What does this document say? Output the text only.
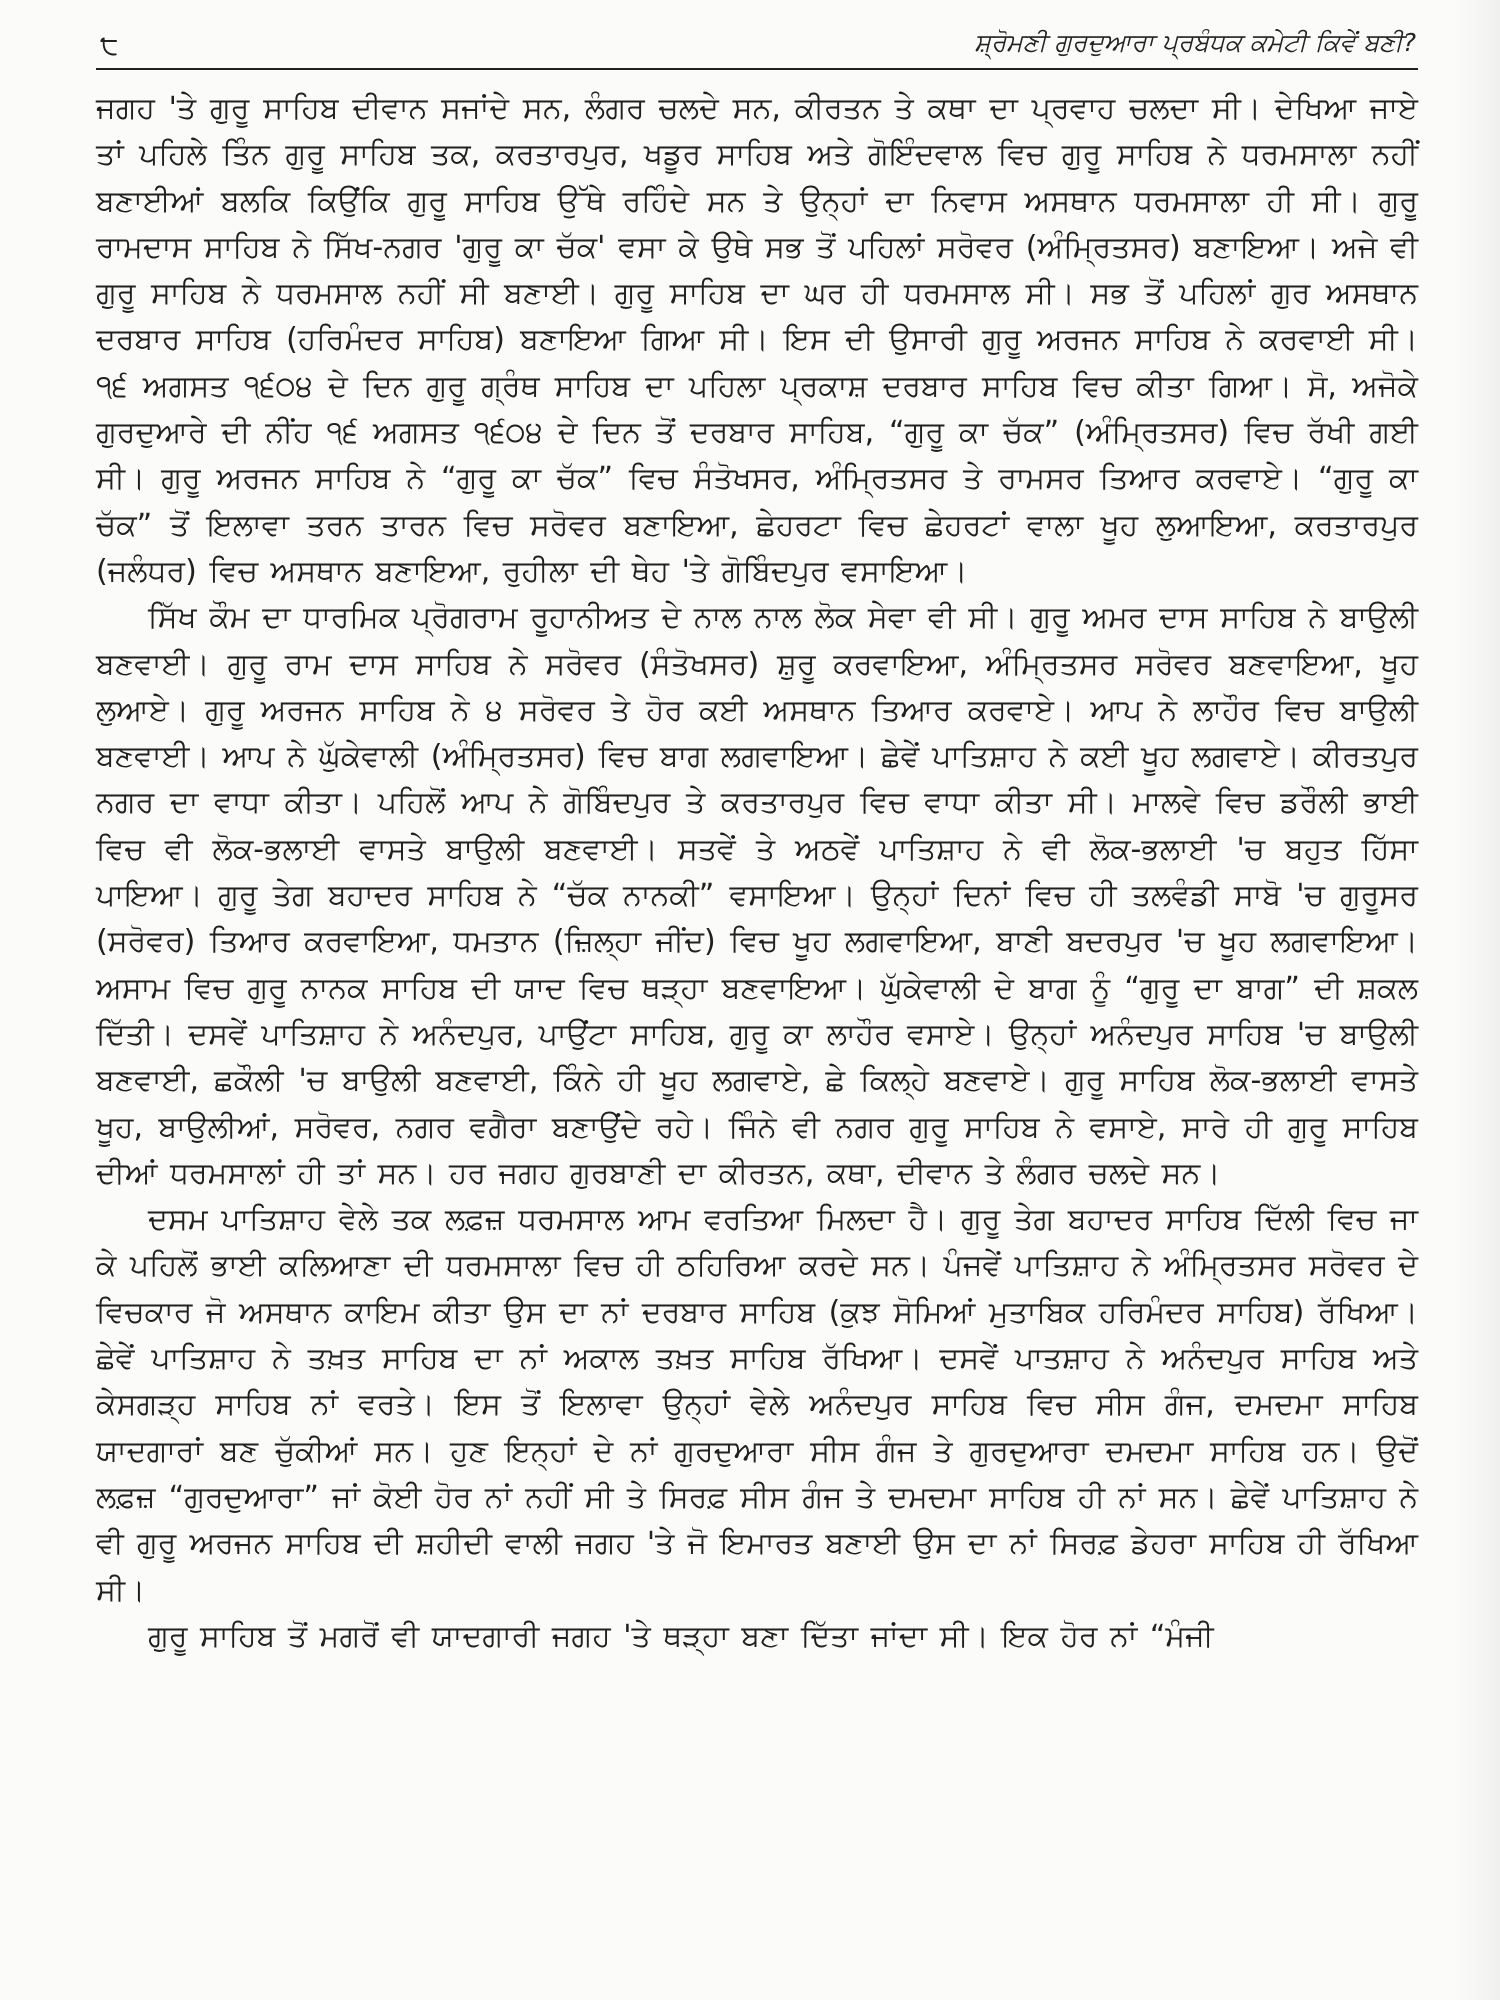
੮	ਸ਼੍ਰੋਮਣੀ ਗੁਰਦੁਆਰਾ ਪ੍ਰਬੰਧਕ ਕਮੇਟੀ ਕਿਵੇਂ ਬਣੀ?

ਜਗਹ 'ਤੇ ਗੁਰੂ ਸਾਹਿਬ ਦੀਵਾਨ ਸਜਾਂਦੇ ਸਨ, ਲੰਗਰ ਚਲਦੇ ਸਨ, ਕੀਰਤਨ ਤੇ ਕਥਾ ਦਾ ਪ੍ਰਵਾਹ ਚਲਦਾ ਸੀ। ਦੇਖਿਆ ਜਾਏ ਤਾਂ ਪਹਿਲੇ ਤਿੰਨ ਗੁਰੂ ਸਾਹਿਬ ਤਕ, ਕਰਤਾਰਪੁਰ, ਖਡੂਰ ਸਾਹਿਬ ਅਤੇ ਗੋਇੰਦਵਾਲ ਵਿਚ ਗੁਰੂ ਸਾਹਿਬ ਨੇ ਧਰਮਸਾਲਾ ਨਹੀਂ ਬਣਾਈਆਂ ਬਲਕਿ ਕਿਉਂਕਿ ਗੁਰੂ ਸਾਹਿਬ ਉੱਥੇ ਰਹਿੰਦੇ ਸਨ ਤੇ ਉਨ੍ਹਾਂ ਦਾ ਨਿਵਾਸ ਅਸਥਾਨ ਧਰਮਸਾਲਾ ਹੀ ਸੀ। ਗੁਰੂ ਰਾਮਦਾਸ ਸਾਹਿਬ ਨੇ ਸਿੱਖ-ਨਗਰ 'ਗੁਰੂ ਕਾ ਚੱਕ' ਵਸਾ ਕੇ ਉਥੇ ਸਭ ਤੋਂ ਪਹਿਲਾਂ ਸਰੋਵਰ (ਅੰਮ੍ਰਿਤਸਰ) ਬਣਾਇਆ। ਅਜੇ ਵੀ ਗੁਰੂ ਸਾਹਿਬ ਨੇ ਧਰਮਸਾਲ ਨਹੀਂ ਸੀ ਬਣਾਈ। ਗੁਰੂ ਸਾਹਿਬ ਦਾ ਘਰ ਹੀ ਧਰਮਸਾਲ ਸੀ। ਸਭ ਤੋਂ ਪਹਿਲਾਂ ਗੁਰ ਅਸਥਾਨ ਦਰਬਾਰ ਸਾਹਿਬ (ਹਰਿਮੰਦਰ ਸਾਹਿਬ) ਬਣਾਇਆ ਗਿਆ ਸੀ। ਇਸ ਦੀ ਉਸਾਰੀ ਗੁਰੂ ਅਰਜਨ ਸਾਹਿਬ ਨੇ ਕਰਵਾਈ ਸੀ। ੧੬ ਅਗਸਤ ੧੬੦੪ ਦੇ ਦਿਨ ਗੁਰੂ ਗ੍ਰੰਥ ਸਾਹਿਬ ਦਾ ਪਹਿਲਾ ਪ੍ਰਕਾਸ਼ ਦਰਬਾਰ ਸਾਹਿਬ ਵਿਚ ਕੀਤਾ ਗਿਆ। ਸੋ, ਅਜੋਕੇ ਗੁਰਦੁਆਰੇ ਦੀ ਨੀਂਹ ੧੬ ਅਗਸਤ ੧੬੦੪ ਦੇ ਦਿਨ ਤੋਂ ਦਰਬਾਰ ਸਾਹਿਬ, “ਗੁਰੂ ਕਾ ਚੱਕ” (ਅੰਮ੍ਰਿਤਸਰ) ਵਿਚ ਰੱਖੀ ਗਈ ਸੀ। ਗੁਰੂ ਅਰਜਨ ਸਾਹਿਬ ਨੇ “ਗੁਰੂ ਕਾ ਚੱਕ” ਵਿਚ ਸੰਤੋਖਸਰ, ਅੰਮ੍ਰਿਤਸਰ ਤੇ ਰਾਮਸਰ ਤਿਆਰ ਕਰਵਾਏ। “ਗੁਰੂ ਕਾ ਚੱਕ” ਤੋਂ ਇਲਾਵਾ ਤਰਨ ਤਾਰਨ ਵਿਚ ਸਰੋਵਰ ਬਣਾਇਆ, ਛੇਹਰਟਾ ਵਿਚ ਛੇਹਰਟਾਂ ਵਾਲਾ ਖੂਹ ਲੁਆਇਆ, ਕਰਤਾਰਪੁਰ (ਜਲੰਧਰ) ਵਿਚ ਅਸਥਾਨ ਬਣਾਇਆ, ਰੁਹੀਲਾ ਦੀ ਥੇਹ 'ਤੇ ਗੋਬਿੰਦਪੁਰ ਵਸਾਇਆ।

ਸਿੱਖ ਕੌਮ ਦਾ ਧਾਰਮਿਕ ਪ੍ਰੋਗਰਾਮ ਰੂਹਾਨੀਅਤ ਦੇ ਨਾਲ ਨਾਲ ਲੋਕ ਸੇਵਾ ਵੀ ਸੀ। ਗੁਰੂ ਅਮਰ ਦਾਸ ਸਾਹਿਬ ਨੇ ਬਾਉਲੀ ਬਣਵਾਈ। ਗੁਰੂ ਰਾਮ ਦਾਸ ਸਾਹਿਬ ਨੇ ਸਰੋਵਰ (ਸੰਤੋਖਸਰ) ਸ਼ੁਰੂ ਕਰਵਾਇਆ, ਅੰਮ੍ਰਿਤਸਰ ਸਰੋਵਰ ਬਣਵਾਇਆ, ਖੂਹ ਲੁਆਏ। ਗੁਰੂ ਅਰਜਨ ਸਾਹਿਬ ਨੇ ੪ ਸਰੋਵਰ ਤੇ ਹੋਰ ਕਈ ਅਸਥਾਨ ਤਿਆਰ ਕਰਵਾਏ। ਆਪ ਨੇ ਲਾਹੌਰ ਵਿਚ ਬਾਉਲੀ ਬਣਵਾਈ। ਆਪ ਨੇ ਘੁੱਕੇਵਾਲੀ (ਅੰਮ੍ਰਿਤਸਰ) ਵਿਚ ਬਾਗ ਲਗਵਾਇਆ। ਛੇਵੇਂ ਪਾਤਿਸ਼ਾਹ ਨੇ ਕਈ ਖੂਹ ਲਗਵਾਏ। ਕੀਰਤਪੁਰ ਨਗਰ ਦਾ ਵਾਧਾ ਕੀਤਾ। ਪਹਿਲੋਂ ਆਪ ਨੇ ਗੋਬਿੰਦਪੁਰ ਤੇ ਕਰਤਾਰਪੁਰ ਵਿਚ ਵਾਧਾ ਕੀਤਾ ਸੀ। ਮਾਲਵੇ ਵਿਚ ਡਰੌਲੀ ਭਾਈ ਵਿਚ ਵੀ ਲੋਕ-ਭਲਾਈ ਵਾਸਤੇ ਬਾਉਲੀ ਬਣਵਾਈ। ਸਤਵੇਂ ਤੇ ਅਠਵੇਂ ਪਾਤਿਸ਼ਾਹ ਨੇ ਵੀ ਲੋਕ-ਭਲਾਈ 'ਚ ਬਹੁਤ ਹਿੱਸਾ ਪਾਇਆ। ਗੁਰੂ ਤੇਗ ਬਹਾਦਰ ਸਾਹਿਬ ਨੇ “ਚੱਕ ਨਾਨਕੀ” ਵਸਾਇਆ। ਉਨ੍ਹਾਂ ਦਿਨਾਂ ਵਿਚ ਹੀ ਤਲਵੰਡੀ ਸਾਬੋ 'ਚ ਗੁਰੂਸਰ (ਸਰੋਵਰ) ਤਿਆਰ ਕਰਵਾਇਆ, ਧਮਤਾਨ (ਜ਼ਿਲ੍ਹਾ ਜੀਂਦ) ਵਿਚ ਖੂਹ ਲਗਵਾਇਆ, ਬਾਣੀ ਬਦਰਪੁਰ 'ਚ ਖੂਹ ਲਗਵਾਇਆ। ਅਸਾਮ ਵਿਚ ਗੁਰੂ ਨਾਨਕ ਸਾਹਿਬ ਦੀ ਯਾਦ ਵਿਚ ਥੜ੍ਹਾ ਬਣਵਾਇਆ। ਘੁੱਕੇਵਾਲੀ ਦੇ ਬਾਗ ਨੂੰ “ਗੁਰੂ ਦਾ ਬਾਗ” ਦੀ ਸ਼ਕਲ ਦਿੱਤੀ। ਦਸਵੇਂ ਪਾਤਿਸ਼ਾਹ ਨੇ ਅਨੰਦਪੁਰ, ਪਾਉਂਟਾ ਸਾਹਿਬ, ਗੁਰੂ ਕਾ ਲਾਹੌਰ ਵਸਾਏ। ਉਨ੍ਹਾਂ ਅਨੰਦਪੁਰ ਸਾਹਿਬ 'ਚ ਬਾਉਲੀ ਬਣਵਾਈ, ਛਕੌਲੀ 'ਚ ਬਾਉਲੀ ਬਣਵਾਈ, ਕਿੰਨੇ ਹੀ ਖੂਹ ਲਗਵਾਏ, ਛੇ ਕਿਲ੍ਹੇ ਬਣਵਾਏ। ਗੁਰੂ ਸਾਹਿਬ ਲੋਕ-ਭਲਾਈ ਵਾਸਤੇ ਖੂਹ, ਬਾਉਲੀਆਂ, ਸਰੋਵਰ, ਨਗਰ ਵਗੈਰਾ ਬਣਾਉਂਦੇ ਰਹੇ। ਜਿੰਨੇ ਵੀ ਨਗਰ ਗੁਰੂ ਸਾਹਿਬ ਨੇ ਵਸਾਏ, ਸਾਰੇ ਹੀ ਗੁਰੂ ਸਾਹਿਬ ਦੀਆਂ ਧਰਮਸਾਲਾਂ ਹੀ ਤਾਂ ਸਨ। ਹਰ ਜਗਹ ਗੁਰਬਾਣੀ ਦਾ ਕੀਰਤਨ, ਕਥਾ, ਦੀਵਾਨ ਤੇ ਲੰਗਰ ਚਲਦੇ ਸਨ।

ਦਸਮ ਪਾਤਿਸ਼ਾਹ ਵੇਲੇ ਤਕ ਲਫ਼ਜ਼ ਧਰਮਸਾਲ ਆਮ ਵਰਤਿਆ ਮਿਲਦਾ ਹੈ। ਗੁਰੂ ਤੇਗ ਬਹਾਦਰ ਸਾਹਿਬ ਦਿੱਲੀ ਵਿਚ ਜਾ ਕੇ ਪਹਿਲੋਂ ਭਾਈ ਕਲਿਆਣਾ ਦੀ ਧਰਮਸਾਲਾ ਵਿਚ ਹੀ ਠਹਿਰਿਆ ਕਰਦੇ ਸਨ। ਪੰਜਵੇਂ ਪਾਤਿਸ਼ਾਹ ਨੇ ਅੰਮ੍ਰਿਤਸਰ ਸਰੋਵਰ ਦੇ ਵਿਚਕਾਰ ਜੋ ਅਸਥਾਨ ਕਾਇਮ ਕੀਤਾ ਉਸ ਦਾ ਨਾਂ ਦਰਬਾਰ ਸਾਹਿਬ (ਕੁਝ ਸੋਮਿਆਂ ਮੁਤਾਬਿਕ ਹਰਿਮੰਦਰ ਸਾਹਿਬ) ਰੱਖਿਆ। ਛੇਵੇਂ ਪਾਤਿਸ਼ਾਹ ਨੇ ਤਖ਼ਤ ਸਾਹਿਬ ਦਾ ਨਾਂ ਅਕਾਲ ਤਖ਼ਤ ਸਾਹਿਬ ਰੱਖਿਆ। ਦਸਵੇਂ ਪਾਤਸ਼ਾਹ ਨੇ ਅਨੰਦਪੁਰ ਸਾਹਿਬ ਅਤੇ ਕੇਸਗੜ੍ਹ ਸਾਹਿਬ ਨਾਂ ਵਰਤੇ। ਇਸ ਤੋਂ ਇਲਾਵਾ ਉਨ੍ਹਾਂ ਵੇਲੇ ਅਨੰਦਪੁਰ ਸਾਹਿਬ ਵਿਚ ਸੀਸ ਗੰਜ, ਦਮਦਮਾ ਸਾਹਿਬ ਯਾਦਗਾਰਾਂ ਬਣ ਚੁੱਕੀਆਂ ਸਨ। ਹੁਣ ਇਨ੍ਹਾਂ ਦੇ ਨਾਂ ਗੁਰਦੁਆਰਾ ਸੀਸ ਗੰਜ ਤੇ ਗੁਰਦੁਆਰਾ ਦਮਦਮਾ ਸਾਹਿਬ ਹਨ। ਉਦੋਂ ਲਫ਼ਜ਼ “ਗੁਰਦੁਆਰਾ” ਜਾਂ ਕੋਈ ਹੋਰ ਨਾਂ ਨਹੀਂ ਸੀ ਤੇ ਸਿਰਫ਼ ਸੀਸ ਗੰਜ ਤੇ ਦਮਦਮਾ ਸਾਹਿਬ ਹੀ ਨਾਂ ਸਨ। ਛੇਵੇਂ ਪਾਤਿਸ਼ਾਹ ਨੇ ਵੀ ਗੁਰੂ ਅਰਜਨ ਸਾਹਿਬ ਦੀ ਸ਼ਹੀਦੀ ਵਾਲੀ ਜਗਹ 'ਤੇ ਜੋ ਇਮਾਰਤ ਬਣਾਈ ਉਸ ਦਾ ਨਾਂ ਸਿਰਫ਼ ਡੇਹਰਾ ਸਾਹਿਬ ਹੀ ਰੱਖਿਆ ਸੀ।

ਗੁਰੂ ਸਾਹਿਬ ਤੋਂ ਮਗਰੋਂ ਵੀ ਯਾਦਗਾਰੀ ਜਗਹ 'ਤੇ ਥੜ੍ਹਾ ਬਣਾ ਦਿੱਤਾ ਜਾਂਦਾ ਸੀ। ਇਕ ਹੋਰ ਨਾਂ “ਮੰਜੀ
